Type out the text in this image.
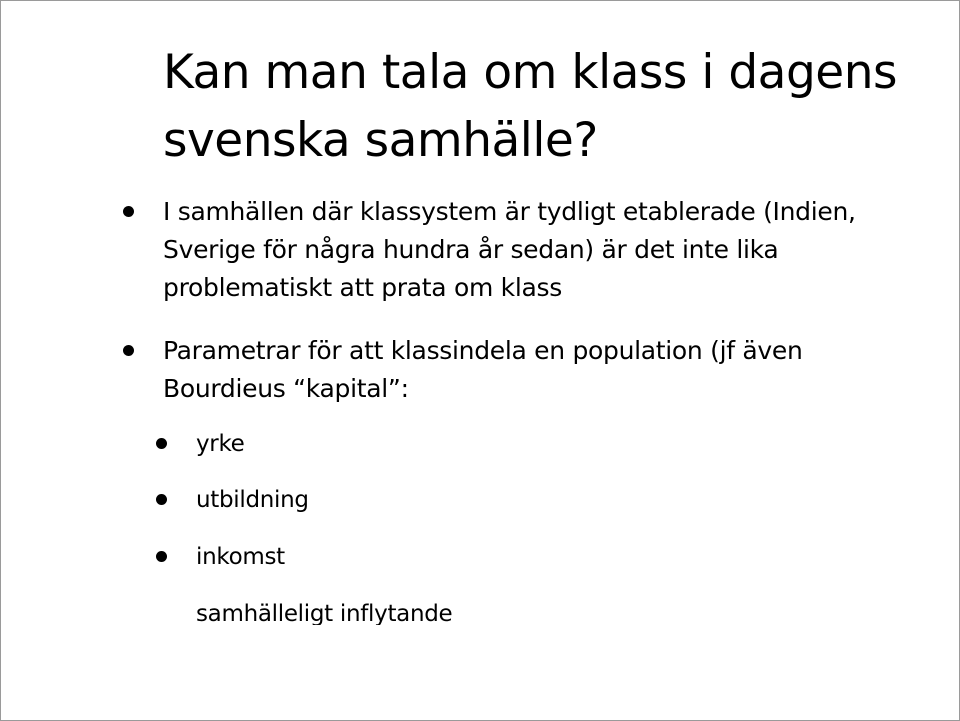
Kan man tala om klass i dagens svenska samhälle?
I samhällen där klassystem är tydligt etablerade (Indien, Sverige för några hundra år sedan) är det inte lika problematiskt att prata om klass
Parametrar för att klassindela en population (jf även Bourdieus “kapital”:
yrke
utbildning
inkomst
samhälleligt inflytande
